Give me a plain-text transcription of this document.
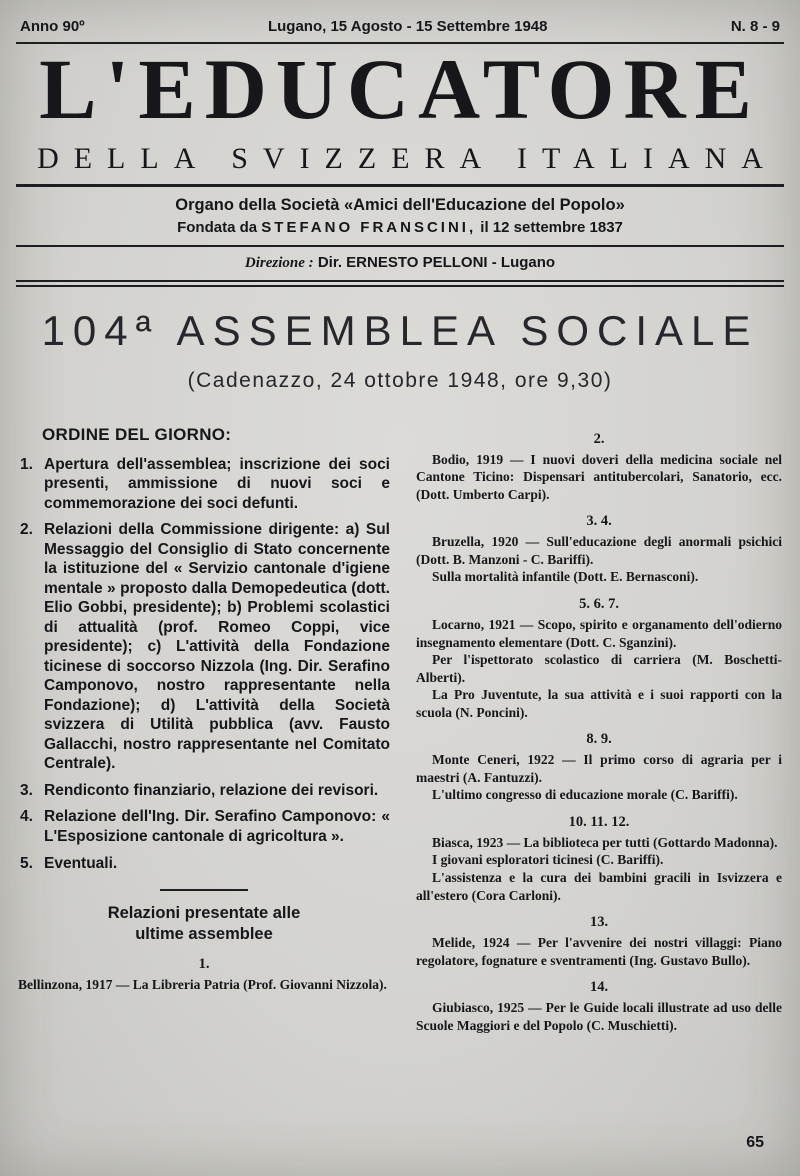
Anno 90º	Lugano, 15 Agosto - 15 Settembre 1948	N. 8 - 9
L'EDUCATORE
DELLA SVIZZERA ITALIANA
Organo della Società «Amici dell'Educazione del Popolo»
Fondata da STEFANO FRANSCINI, il 12 settembre 1837
Direzione : Dir. ERNESTO PELLONI - Lugano
104ª ASSEMBLEA SOCIALE
(Cadenazzo, 24 ottobre 1948, ore 9,30)
ORDINE DEL GIORNO:
1. Apertura dell'assemblea; inscrizione dei soci presenti, ammissione di nuovi soci e commemorazione dei soci defunti.
2. Relazioni della Commissione dirigente: a) Sul Messaggio del Consiglio di Stato concernente la istituzione del « Servizio cantonale d'igiene mentale » proposto dalla Demopedeutica (dott. Elio Gobbi, presidente); b) Problemi scolastici di attualità (prof. Romeo Coppi, vice presidente); c) L'attività della Fondazione ticinese di soccorso Nizzola (Ing. Dir. Serafino Camponovo, nostro rappresentante nella Fondazione); d) L'attività della Società svizzera di Utilità pubblica (avv. Fausto Gallacchi, nostro rappresentante nel Comitato Centrale).
3. Rendiconto finanziario, relazione dei revisori.
4. Relazione dell'Ing. Dir. Serafino Camponovo: « L'Esposizione cantonale di agricoltura ».
5. Eventuali.
Relazioni presentate alle ultime assemblee
1.

Bellinzona, 1917 — La Libreria Patria (Prof. Giovanni Nizzola).

2.

Bodio, 1919 — I nuovi doveri della medicina sociale nel Cantone Ticino: Dispensari antitubercolari, Sanatorio, ecc. (Dott. Umberto Carpi).

3. 4.

Bruzella, 1920 — Sull'educazione degli anormali psichici (Dott. B. Manzoni - C. Bariffi).

Sulla mortalità infantile (Dott. E. Bernasconi).

5. 6. 7.

Locarno, 1921 — Scopo, spirito e organamento dell'odierno insegnamento elementare (Dott. C. Sganzini).

Per l'ispettorato scolastico di carriera (M. Boschetti-Alberti).

La Pro Juventute, la sua attività e i suoi rapporti con la scuola (N. Poncini).

8. 9.

Monte Ceneri, 1922 — Il primo corso di agraria per i maestri (A. Fantuzzi).

L'ultimo congresso di educazione morale (C. Bariffi).

10. 11. 12.

Biasca, 1923 — La biblioteca per tutti (Gottardo Madonna).

I giovani esploratori ticinesi (C. Bariffi).

L'assistenza e la cura dei bambini gracili in Isvizzera e all'estero (Cora Carloni).

13.

Melide, 1924 — Per l'avvenire dei nostri villaggi: Piano regolatore, fognature e sventramenti (Ing. Gustavo Bullo).

14.

Giubiasco, 1925 — Per le Guide locali illustrate ad uso delle Scuole Maggiori e del Popolo (C. Muschietti).

65
